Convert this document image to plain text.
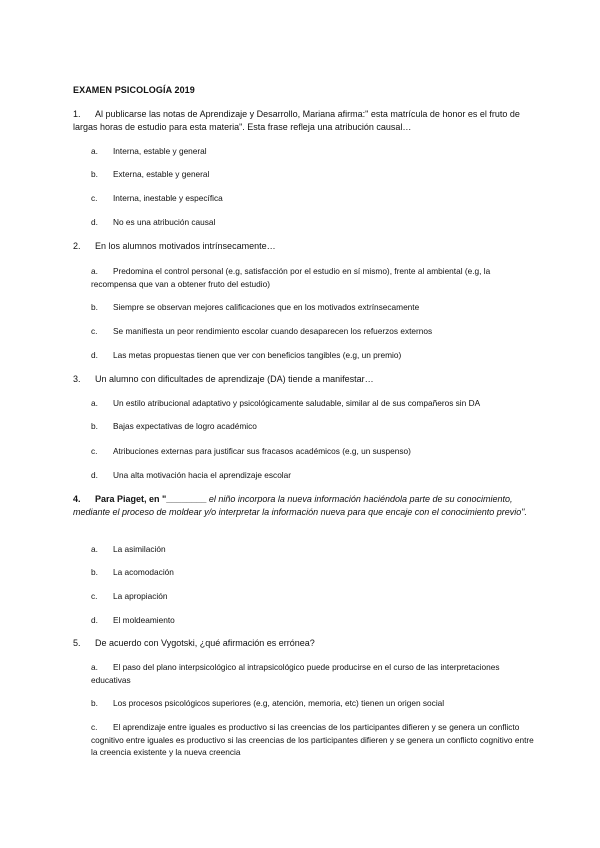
EXAMEN PSICOLOGÍA 2019
1. Al publicarse las notas de Aprendizaje y Desarrollo, Mariana afirma:" esta matrícula de honor es el fruto de largas horas de estudio para esta materia". Esta frase refleja una atribución causal…
a. Interna, estable y general
b. Externa, estable y general
c. Interna, inestable y específica
d. No es una atribución causal
2. En los alumnos motivados intrínsecamente…
a. Predomina el control personal (e.g, satisfacción por el estudio en sí mismo), frente al ambiental (e.g, la recompensa que van a obtener fruto del estudio)
b. Siempre se observan mejores calificaciones que en los motivados extrínsecamente
c. Se manifiesta un peor rendimiento escolar cuando desaparecen los refuerzos externos
d. Las metas propuestas tienen que ver con beneficios tangibles (e.g, un premio)
3. Un alumno con dificultades de aprendizaje (DA) tiende a manifestar…
a. Un estilo atribucional adaptativo y psicológicamente saludable, similar al de sus compañeros sin DA
b. Bajas expectativas de logro académico
c. Atribuciones externas para justificar sus fracasos académicos (e.g, un suspenso)
d. Una alta motivación hacia el aprendizaje escolar
4. Para Piaget, en "________ el niño incorpora la nueva información haciéndola parte de su conocimiento, mediante el proceso de moldear y/o interpretar la información nueva para que encaje con el conocimiento previo".
a. La asimilación
b. La acomodación
c. La apropiación
d. El moldeamiento
5. De acuerdo con Vygotski, ¿qué afirmación es errónea?
a. El paso del plano interpsicológico al intrapsicológico puede producirse en el curso de las interpretaciones educativas
b. Los procesos psicológicos superiores (e.g, atención, memoria, etc) tienen un origen social
c. El aprendizaje entre iguales es productivo si las creencias de los participantes difieren y se genera un conflicto cognitivo entre iguales es productivo si las creencias de los participantes difieren y se genera un conflicto cognitivo entre la creencia existente y la nueva creencia
